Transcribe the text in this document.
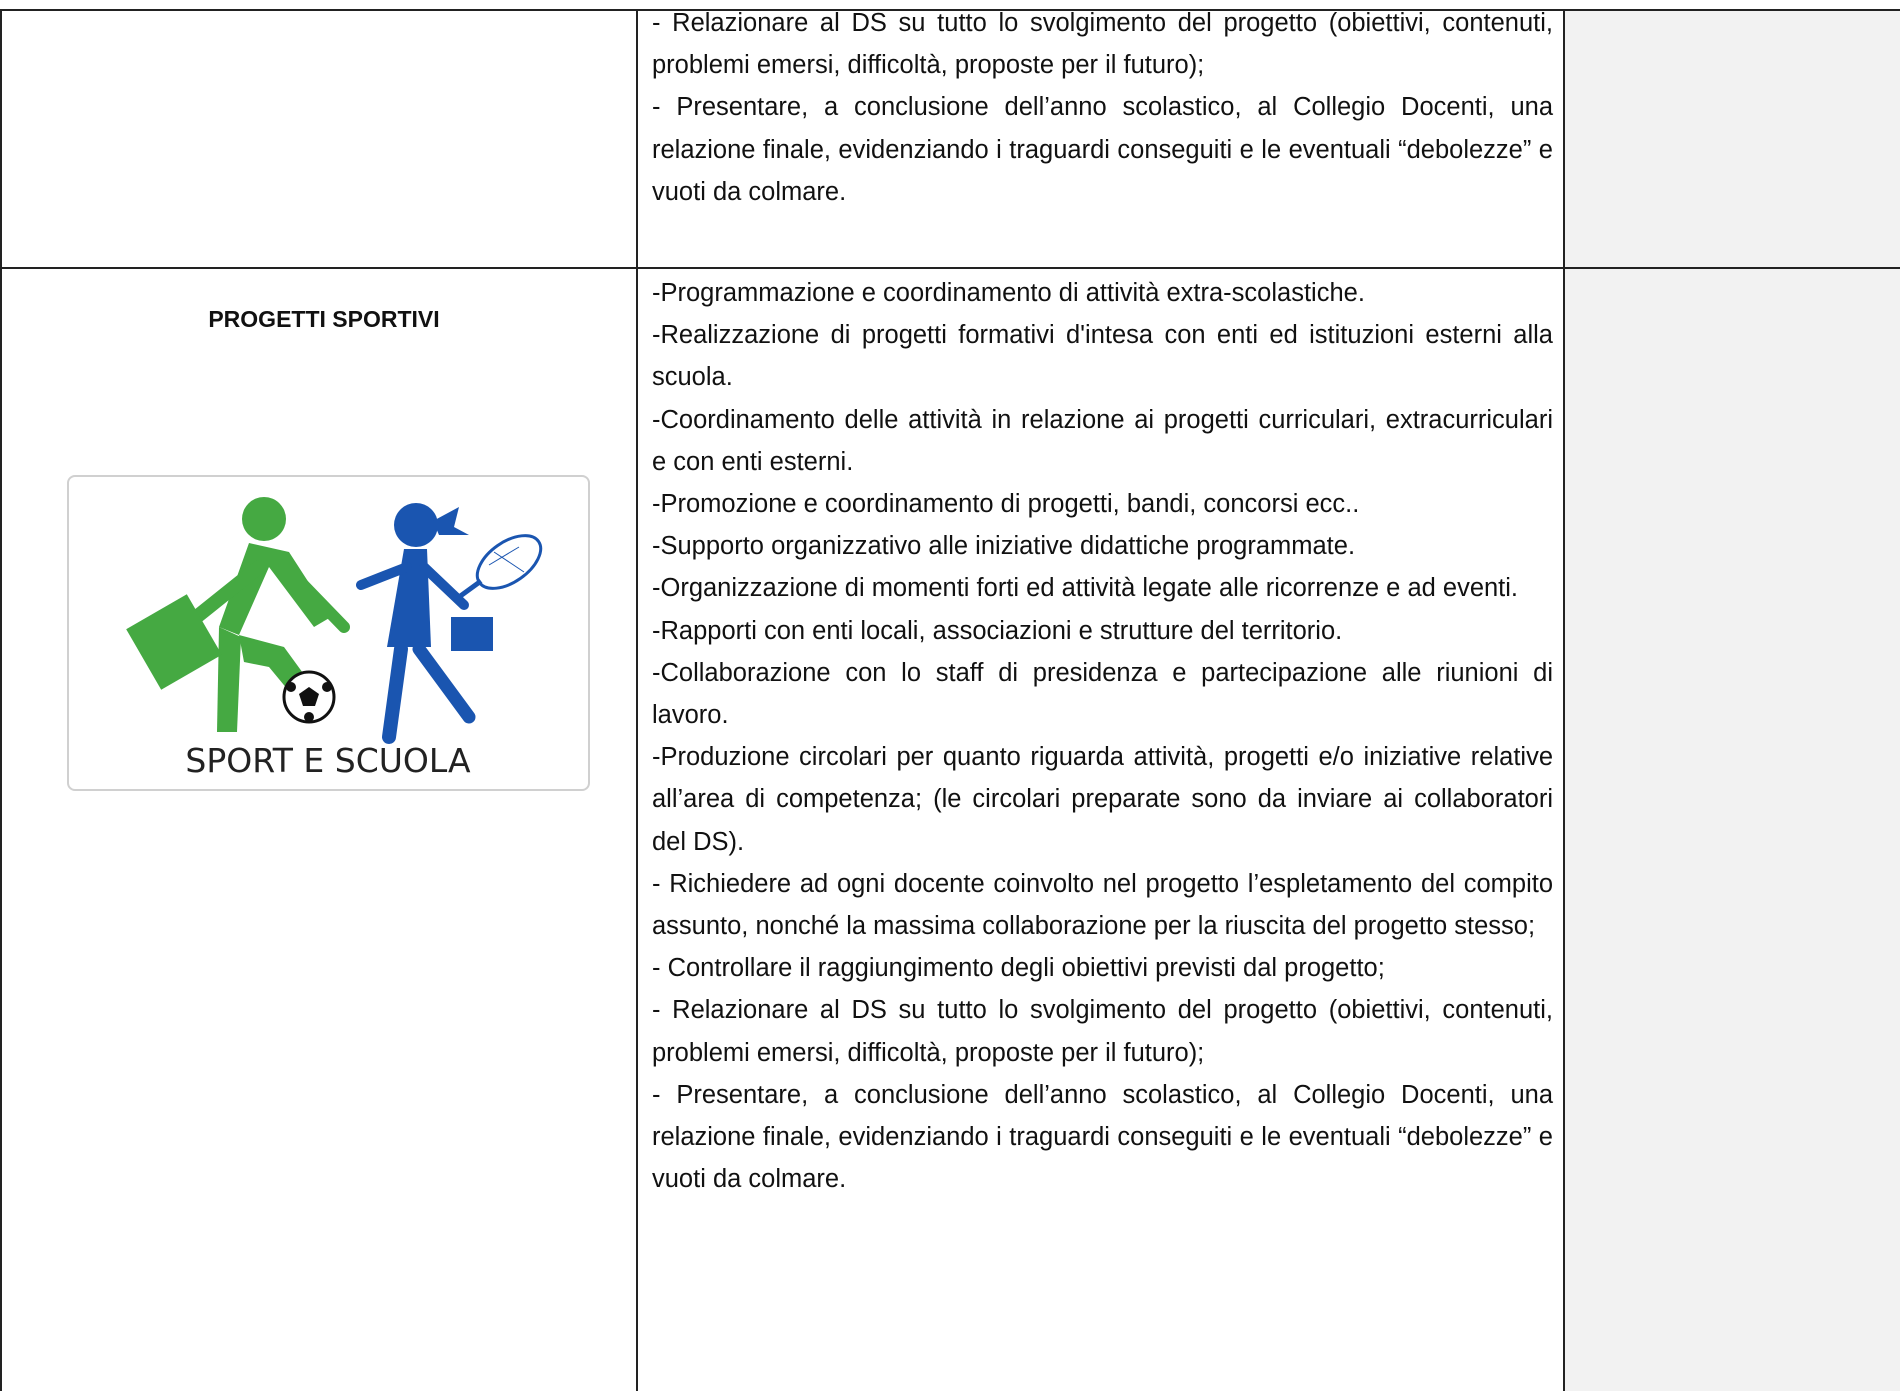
- Relazionare al DS su tutto lo svolgimento del progetto (obiettivi, contenuti, problemi emersi, difficoltà, proposte per il futuro);

- Presentare, a conclusione dell’anno scolastico, al Collegio Docenti, una relazione finale, evidenziando i traguardi conseguiti e le eventuali “debolezze” e vuoti da colmare.

PROGETTI SPORTIVI
SPORT E SCUOLA

-Programmazione e coordinamento di attività extra-scolastiche.

-Realizzazione di progetti formativi d'intesa con enti ed istituzioni esterni alla scuola.

-Coordinamento delle attività in relazione ai progetti curriculari, extracurriculari e con enti esterni.

-Promozione e coordinamento di progetti, bandi, concorsi ecc..

-Supporto organizzativo alle iniziative didattiche programmate.

-Organizzazione di momenti forti ed attività legate alle ricorrenze e ad eventi.

-Rapporti con enti locali, associazioni e strutture del territorio.

-Collaborazione con lo staff di presidenza e partecipazione alle riunioni di lavoro.

-Produzione circolari per quanto riguarda attività, progetti e/o iniziative relative all’area di competenza; (le circolari preparate sono da inviare ai collaboratori del DS).

- Richiedere ad ogni docente coinvolto nel progetto l’espletamento del compito assunto, nonché la massima collaborazione per la riuscita del progetto stesso;

- Controllare il raggiungimento degli obiettivi previsti dal progetto;

- Relazionare al DS su tutto lo svolgimento del progetto (obiettivi, contenuti, problemi emersi, difficoltà, proposte per il futuro);

- Presentare, a conclusione dell’anno scolastico, al Collegio Docenti, una relazione finale, evidenziando i traguardi conseguiti e le eventuali “debolezze” e vuoti da colmare.
